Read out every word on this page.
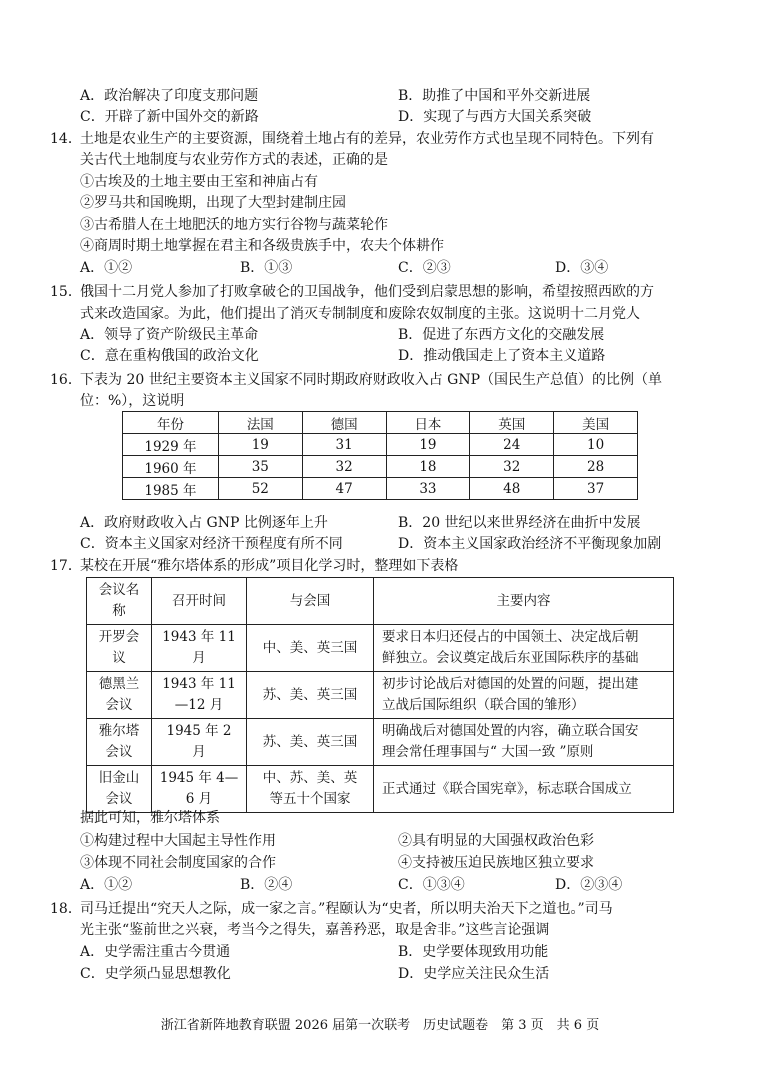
A．政治解决了印度支那问题	B．助推了中国和平外交新进展
C．开辟了新中国外交的新路	D．实现了与西方大国关系突破
14．
土地是农业生产的主要资源，围绕着土地占有的差异，农业劳作方式也呈现不同特色。下列有
关古代土地制度与农业劳作方式的表述，正确的是
①古埃及的土地主要由王室和神庙占有
②罗马共和国晚期，出现了大型封建制庄园
③古希腊人在土地肥沃的地方实行谷物与蔬菜轮作
④商周时期土地掌握在君主和各级贵族手中，农夫个体耕作
A．①②	B．①③	C．②③	D．③④
15．
俄国十二月党人参加了打败拿破仑的卫国战争，他们受到启蒙思想的影响，希望按照西欧的方
式来改造国家。为此，他们提出了消灭专制制度和废除农奴制度的主张。这说明十二月党人
A．领导了资产阶级民主革命	B．促进了东西方文化的交融发展
C．意在重构俄国的政治文化	D．推动俄国走上了资本主义道路
16．
下表为 20 世纪主要资本主义国家不同时期政府财政收入占 GNP（国民生产总值）的比例（单
位：%），这说明
年份	法国	德国	日本	英国	美国
1929 年	19	31	19	24	10
1960 年	35	32	18	32	28
1985 年	52	47	33	48	37
A．政府财政收入占 GNP 比例逐年上升	B．20 世纪以来世界经济在曲折中发展
C．资本主义国家对经济干预程度有所不同	D．资本主义国家政治经济不平衡现象加剧
17．
某校在开展“雅尔塔体系的形成”项目化学习时，整理如下表格
会议名
称	召开时间	与会国	主要内容
开罗会
议	1943 年 11
月	中、美、英三国	要求日本归还侵占的中国领土、决定战后朝
鲜独立。会议奠定战后东亚国际秩序的基础
德黑兰
会议	1943 年 11
—12 月	苏、美、英三国	初步讨论战后对德国的处置的问题，提出建
立战后国际组织（联合国的雏形）
雅尔塔
会议	1945 年 2
月	苏、美、英三国	明确战后对德国处置的内容，确立联合国安
理会常任理事国与“ 大国一致 ”原则
旧金山
会议	1945 年 4—
6 月	中、苏、美、英
等五十个国家	正式通过《联合国宪章》，标志联合国成立
据此可知，雅尔塔体系
①构建过程中大国起主导性作用	②具有明显的大国强权政治色彩
③体现不同社会制度国家的合作	④支持被压迫民族地区独立要求
A．①②	B．②④	C．①③④	D．②③④
18．
司马迁提出“究天人之际，成一家之言。”程颐认为“史者，所以明夫治天下之道也。”司马
光主张“鉴前世之兴衰，考当今之得失，嘉善矜恶，取是舍非。”这些言论强调
A．史学需注重古今贯通	B．史学要体现致用功能
C．史学须凸显思想教化	D．史学应关注民众生活
浙江省新阵地教育联盟 2026 届第一次联考　历史试题卷　第 3 页　共 6 页
